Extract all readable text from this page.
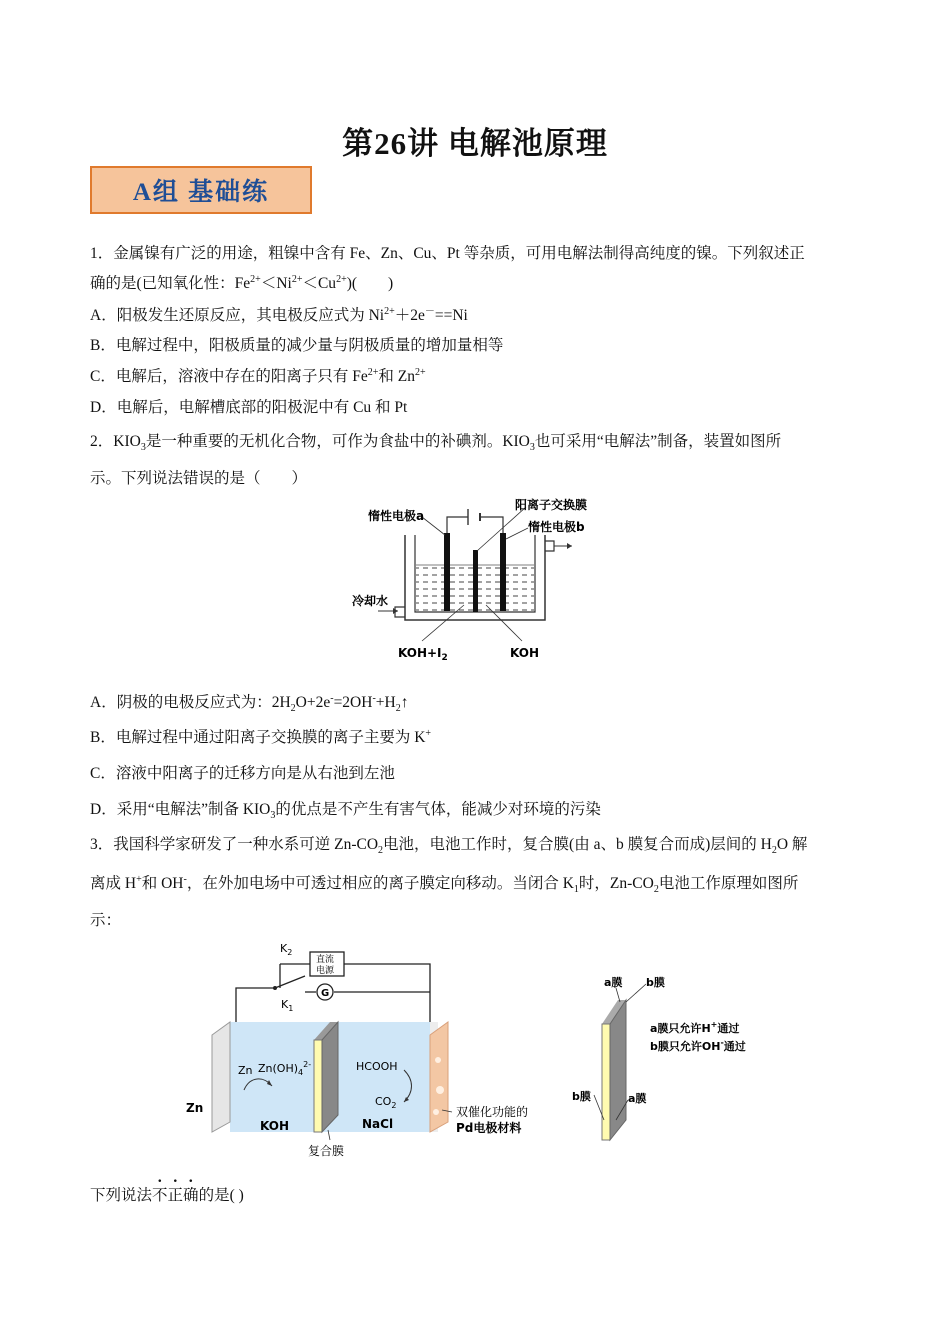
第26讲 电解池原理
A组 基础练
1．金属镍有广泛的用途，粗镍中含有 Fe、Zn、Cu、Pt 等杂质，可用电解法制得高纯度的镍。下列叙述正
确的是(已知氧化性：$Fe^{2+}<Ni^{2+}<Cu^{2+}$)(　　)
A．阳极发生还原反应，其电极反应式为 $Ni^{2+}+2e^-==Ni$
B．电解过程中，阳极质量的减少量与阴极质量的增加量相等
C．电解后，溶液中存在的阳离子只有 $Fe^{2+}$和 $Zn^{2+}$
D．电解后，电解槽底部的阳极泥中有 Cu 和 Pt
2．$KIO_3$是一种重要的无机化合物，可作为食盐中的补碘剂。$KIO_3$也可采用“电解法”制备，装置如图所
示。下列说法错误的是（　　）
惰性电极a
阳离子交换膜
惰性电极b
冷却水
$KOH+I_2$	KOH
A．阴极的电极反应式为：$2H_2O+2e^-=2OH^-+H_2↑$
B．电解过程中通过阳离子交换膜的离子主要为 K+
C．溶液中阳离子的迁移方向是从右池到左池
D．采用“电解法”制备 $KIO_3$的优点是不产生有害气体，能减少对环境的污染
3．我国科学家研发了一种水系可逆 $Zn-CO_2$电池，电池工作时，复合膜(由 a、b 膜复合而成)层间的 $H_2O$ 解
离成 H+和 OH-，在外加电场中可透过相应的离子膜定向移动。当闭合 $K_1$时，$Zn-CO_2$电池工作原理如图所
示：
$K_2$
直流
电源
$K_1$
G
Zn
Zn $Zn(OH)_4^{2-}$
KOH
HCOOH
$CO_2$
NaCl
复合膜
双催化功能的
Pd电极材料
a膜 b膜
a膜只允许H+通过
b膜只允许OH-通过
b膜	a膜
下列说法不正确的是( )
